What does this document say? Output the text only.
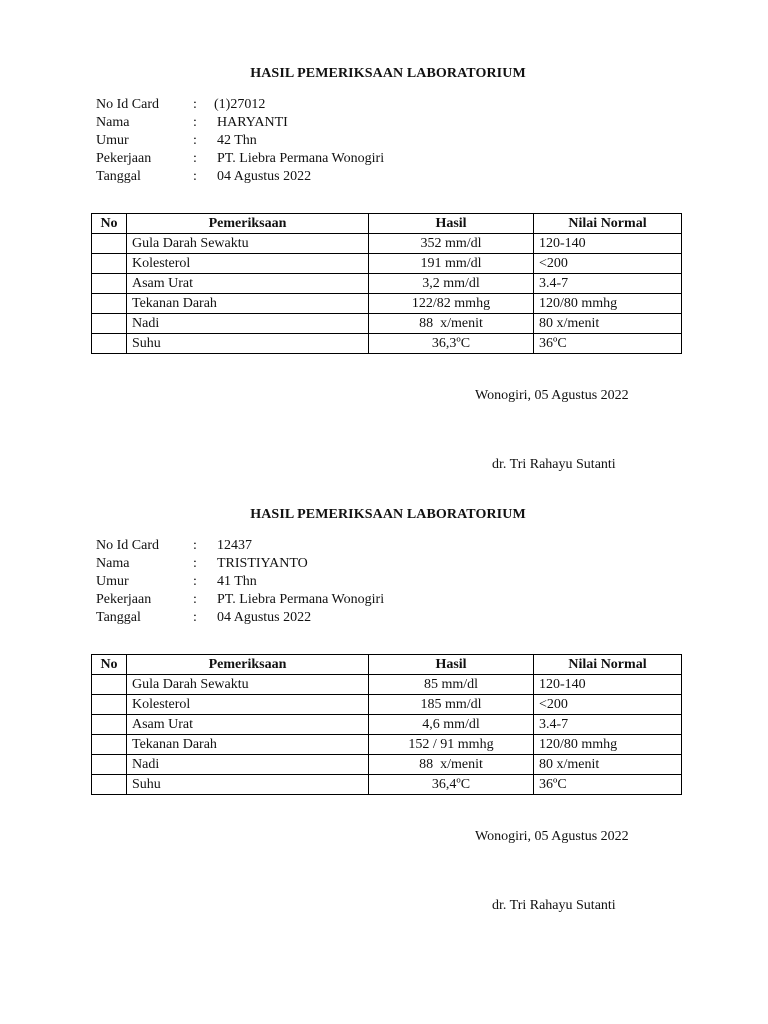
HASIL PEMERIKSAAN LABORATORIUM
No Id Card : (1)27012
Nama	: HARYANTI
Umur	: 42 Thn
Pekerjaan	: PT. Liebra Permana Wonogiri
Tanggal	: 04 Agustus 2022
No	Pemeriksaan	Hasil	Nilai Normal
	Gula Darah Sewaktu	352 mm/dl	120-140
	Kolesterol	191 mm/dl	<200
	Asam Urat	3,2 mm/dl	3.4-7
	Tekanan Darah	122/82 mmhg	120/80 mmhg
	Nadi	88  x/menit	80 x/menit
	Suhu	36,3ºC	36ºC
Wonogiri, 05 Agustus 2022
dr. Tri Rahayu Sutanti
HASIL PEMERIKSAAN LABORATORIUM
No Id Card : 12437
Nama	: TRISTIYANTO
Umur	: 41 Thn
Pekerjaan	: PT. Liebra Permana Wonogiri
Tanggal	: 04 Agustus 2022
No	Pemeriksaan	Hasil	Nilai Normal
	Gula Darah Sewaktu	85 mm/dl	120-140
	Kolesterol	185 mm/dl	<200
	Asam Urat	4,6 mm/dl	3.4-7
	Tekanan Darah	152 / 91 mmhg	120/80 mmhg
	Nadi	88  x/menit	80 x/menit
	Suhu	36,4ºC	36ºC
Wonogiri, 05 Agustus 2022
dr. Tri Rahayu Sutanti
